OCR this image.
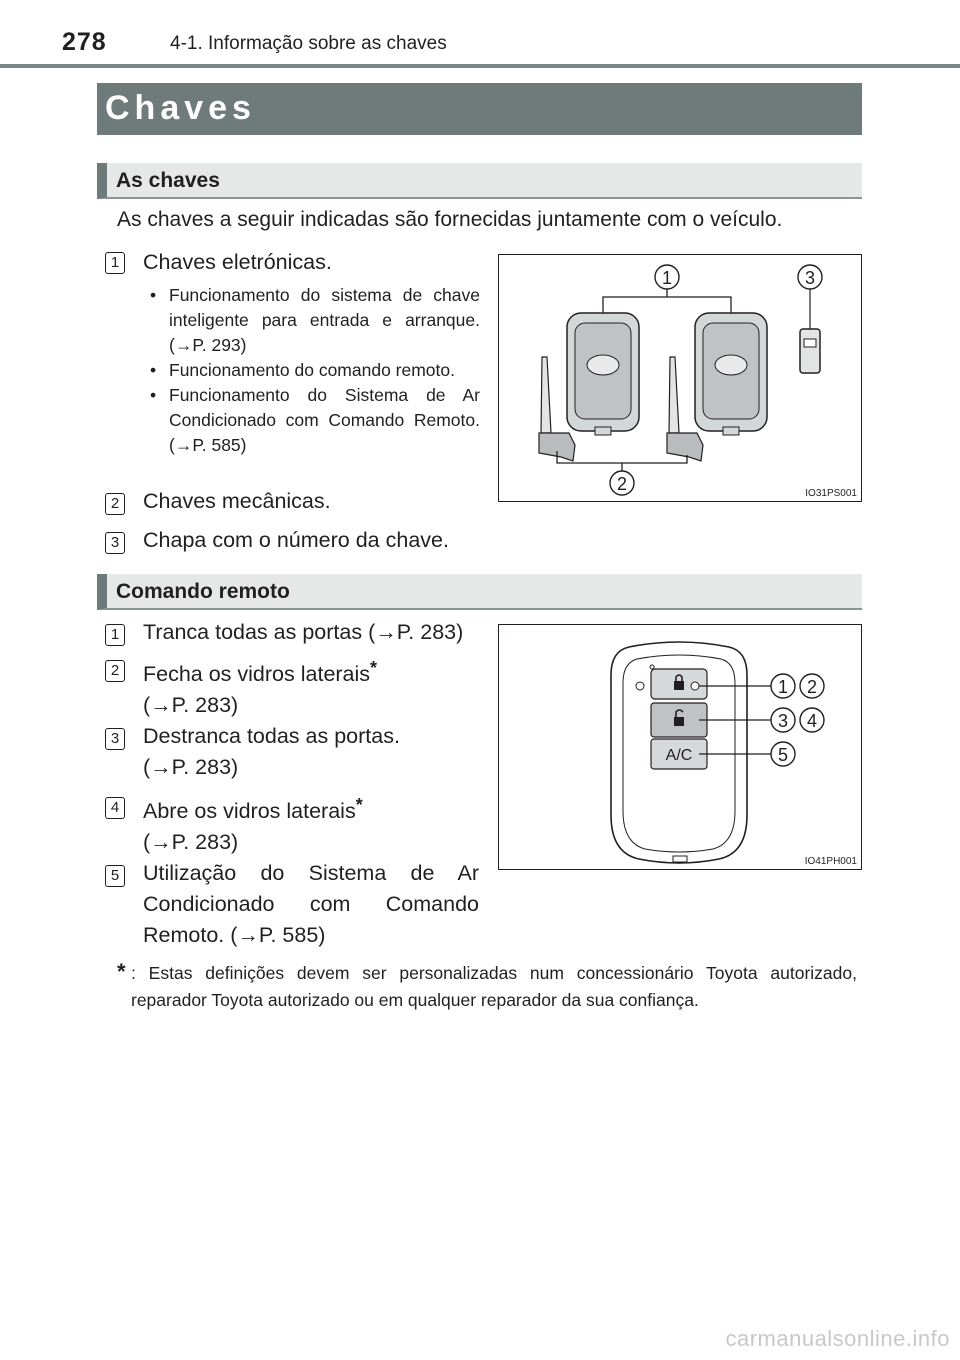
278	4-1. Informação sobre as chaves
Chaves
As chaves
As chaves a seguir indicadas são fornecidas juntamente com o veículo.
1 Chaves eletrónicas.
• Funcionamento do sistema de chave inteligente para entrada e arranque. (→P. 293)
• Funcionamento do comando remoto.
• Funcionamento do Sistema de Ar Condicionado com Comando Remoto. (→P. 585)
2 Chaves mecânicas.
3 Chapa com o número da chave.
1	3
2	IO31PS001
Comando remoto
1
2
3
4
5
Tranca todas as portas (→P. 283)
Fecha os vidros laterais*
(→P. 283)
Destranca todas as portas.
(→P. 283)
Abre os vidros laterais*
(→P. 283)
Utilização do Sistema de Ar Condicionado com Comando Remoto. (→P. 585)
A/C
1 2
3 4
5
IO41PH001
* : Estas definições devem ser personalizadas num concessionário Toyota autorizado, reparador Toyota autorizado ou em qualquer reparador da sua confiança.
carmanualsonline.info
